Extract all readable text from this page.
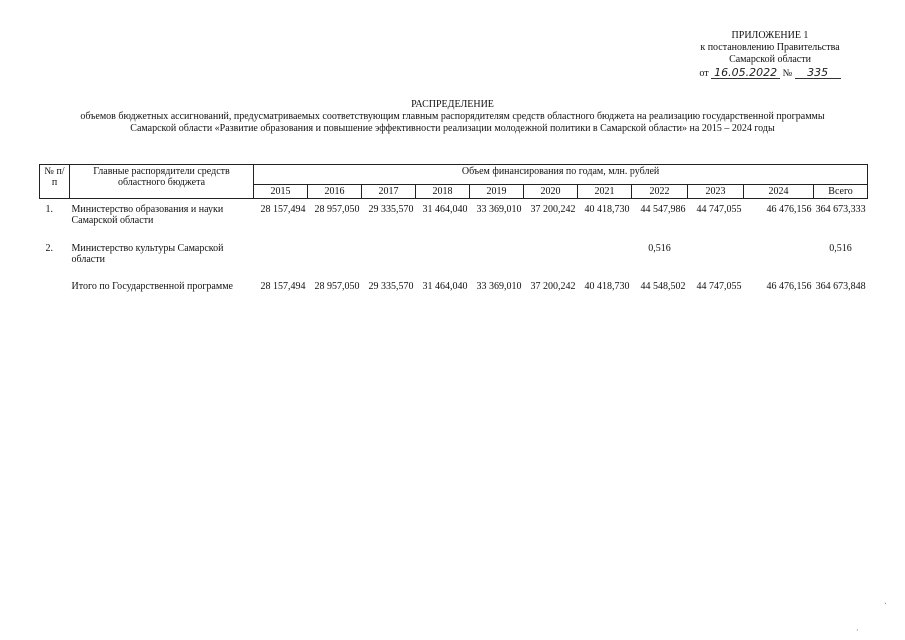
ПРИЛОЖЕНИЕ 1
к постановлению Правительства
Самарской области
от 16.05.2022 № 335
РАСПРЕДЕЛЕНИЕ
объемов бюджетных ассигнований, предусматриваемых соответствующим главным распорядителям средств областного бюджета на реализацию государственной программы
Самарской области «Развитие образования и повышение эффективности реализации молодежной политики в Самарской области» на 2015 – 2024 годы
№ п/п	Главные распорядители средств областного бюджета	Объем финансирования по годам, млн. рублей										
		2015	2016	2017	2018	2019	2020	2021	2022	2023	2024	Всего
1.	Министерство образования и науки Самарской области	28 157,494	28 957,050	29 335,570	31 464,040	33 369,010	37 200,242	40 418,730	44 547,986	44 747,055	46 476,156	364 673,333
2.	Министерство культуры Самарской области								0,516			0,516
	Итого по Государственной программе	28 157,494	28 957,050	29 335,570	31 464,040	33 369,010	37 200,242	40 418,730	44 548,502	44 747,055	46 476,156	364 673,848
˴
·
